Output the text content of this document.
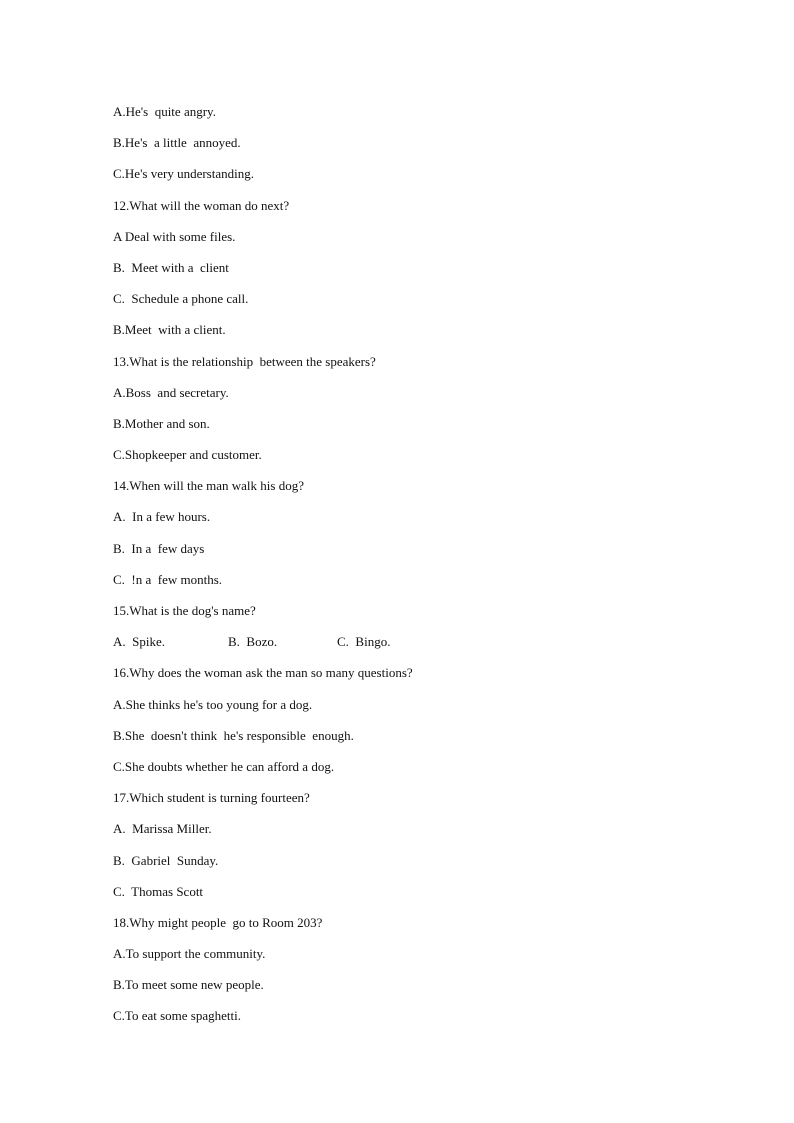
A.He's  quite angry.
B.He's  a little  annoyed.
C.He's very understanding.
12.What will the woman do next?
A Deal with some files.
B.  Meet with a  client
C.  Schedule a phone call.
B.Meet  with a client.
13.What is the relationship  between the speakers?
A.Boss  and secretary.
B.Mother and son.
C.Shopkeeper and customer.
14.When will the man walk his dog?
A.  In a few hours.
B.  In a  few days
C.  !n a  few months.
15.What is the dog's name?
A.  Spike.	B.  Bozo.	C.  Bingo.
16.Why does the woman ask the man so many questions?
A.She thinks he's too young for a dog.
B.She  doesn't think  he's responsible  enough.
C.She doubts whether he can afford a dog.
17.Which student is turning fourteen?
A.  Marissa Miller.
B.  Gabriel  Sunday.
C.  Thomas Scott
18.Why might people  go to Room 203?
A.To support the community.
B.To meet some new people.
C.To eat some spaghetti.
